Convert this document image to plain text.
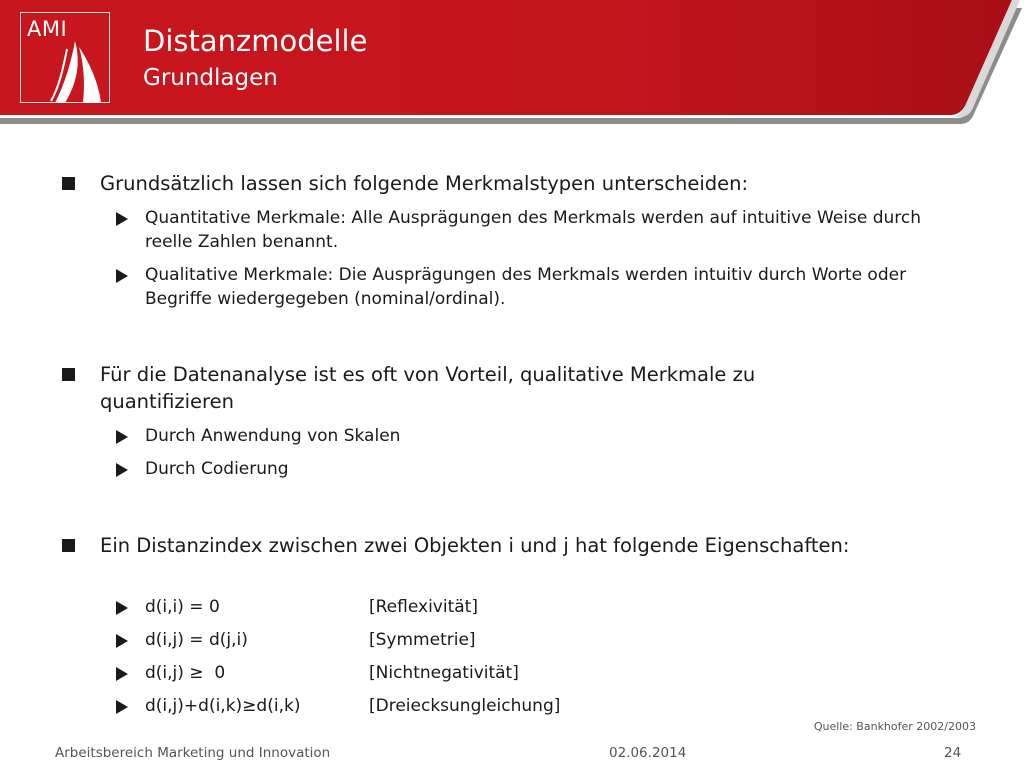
AMI	Distanzmodelle
Grundlagen
Grundsätzlich lassen sich folgende Merkmalstypen unterscheiden:
Quantitative Merkmale: Alle Ausprägungen des Merkmals werden auf intuitive Weise durch reelle Zahlen benannt.
Qualitative Merkmale: Die Ausprägungen des Merkmals werden intuitiv durch Worte oder Begriffe wiedergegeben (nominal/ordinal).
Für die Datenanalyse ist es oft von Vorteil, qualitative Merkmale zu quantifizieren
Durch Anwendung von Skalen
Durch Codierung
Ein Distanzindex zwischen zwei Objekten i und j hat folgende Eigenschaften:
d(i,i) = 0	[Reflexivität]
d(i,j) = d(j,i)	[Symmetrie]
d(i,j) ≥  0	[Nichtnegativität]
d(i,j)+d(i,k)≥d(i,k)	[Dreiecksungleichung]
Quelle: Bankhofer 2002/2003
Arbeitsbereich Marketing und Innovation	02.06.2014	24
